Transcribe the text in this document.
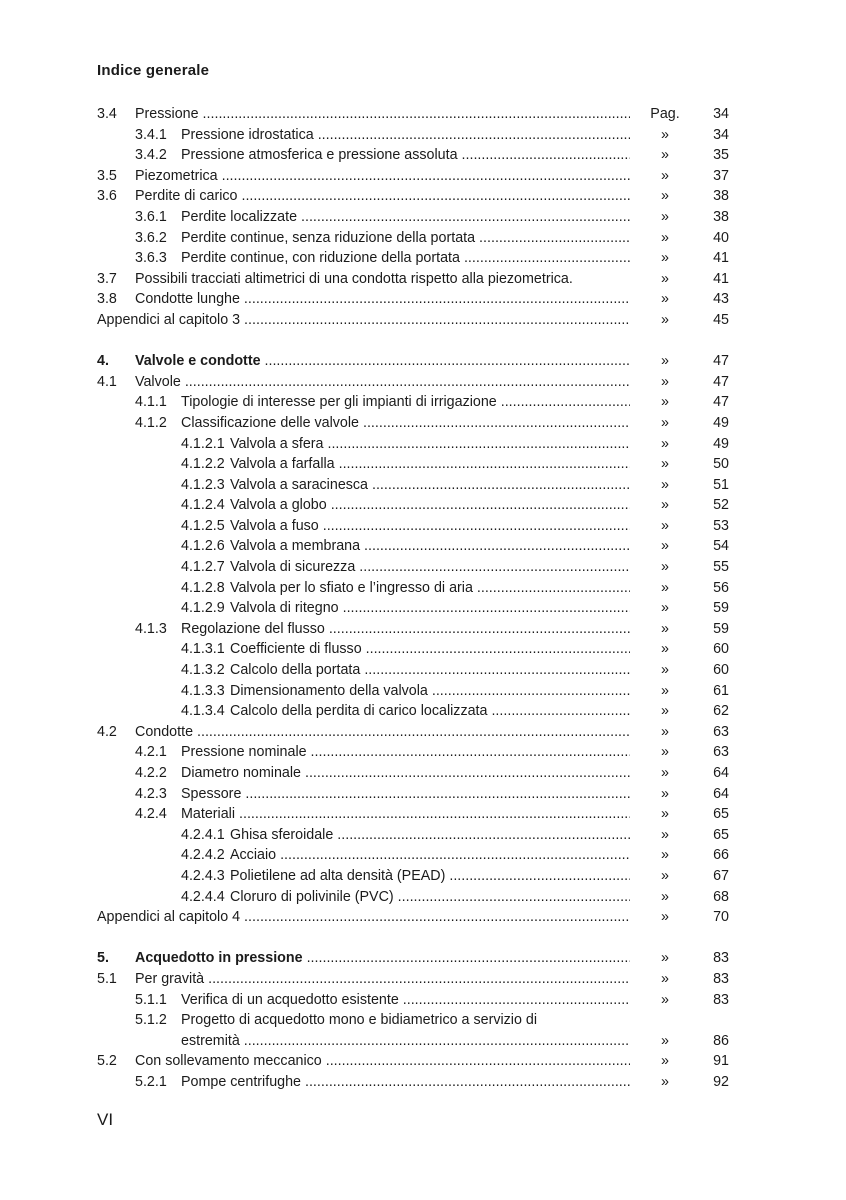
Indice generale
3.4 Pressione .....	Pag. 34
3.4.1 Pressione idrostatica .....	»	34
3.4.2 Pressione atmosferica e pressione assoluta .....	»	35
3.5 Piezometrica .....	»	37
3.6 Perdite di carico .....	»	38
3.6.1 Perdite localizzate .....	»	38
3.6.2 Perdite continue, senza riduzione della portata .....	»	40
3.6.3 Perdite continue, con riduzione della portata .....	»	41
3.7 Possibili tracciati altimetrici di una condotta rispetto alla piezometrica.	»	41
3.8 Condotte lunghe .....	»	43
Appendici al capitolo 3 .....	»	45
4. Valvole e condotte .....	»	47
4.1 Valvole .....	»	47
4.1.1 Tipologie di interesse per gli impianti di irrigazione .....	»	47
4.1.2 Classificazione delle valvole .....	»	49
4.1.2.1 Valvola a sfera .....	»	49
4.1.2.2 Valvola a farfalla .....	»	50
4.1.2.3 Valvola a saracinesca .....	»	51
4.1.2.4 Valvola a globo .....	»	52
4.1.2.5 Valvola a fuso .....	»	53
4.1.2.6 Valvola a membrana .....	»	54
4.1.2.7 Valvola di sicurezza .....	»	55
4.1.2.8 Valvola per lo sfiato e l’ingresso di aria .....	»	56
4.1.2.9 Valvola di ritegno .....	»	59
4.1.3 Regolazione del flusso .....	»	59
4.1.3.1 Coefficiente di flusso .....	»	60
4.1.3.2 Calcolo della portata .....	»	60
4.1.3.3 Dimensionamento della valvola .....	»	61
4.1.3.4 Calcolo della perdita di carico localizzata .....	»	62
4.2 Condotte .....	»	63
4.2.1 Pressione nominale .....	»	63
4.2.2 Diametro nominale .....	»	64
4.2.3 Spessore .....	»	64
4.2.4 Materiali .....	»	65
4.2.4.1 Ghisa sferoidale .....	»	65
4.2.4.2 Acciaio .....	»	66
4.2.4.3 Polietilene ad alta densità (PEAD) .....	»	67
4.2.4.4 Cloruro di polivinile (PVC) .....	»	68
Appendici al capitolo 4 .....	»	70
5. Acquedotto in pressione .....	»	83
5.1 Per gravità .....	»	83
5.1.1 Verifica di un acquedotto esistente .....	»	83
5.1.2 Progetto di acquedotto mono e bidiametrico a servizio di
estremità .....	»	86
5.2 Con sollevamento meccanico .....	»	91
5.2.1 Pompe centrifughe .....	»	92
VI
